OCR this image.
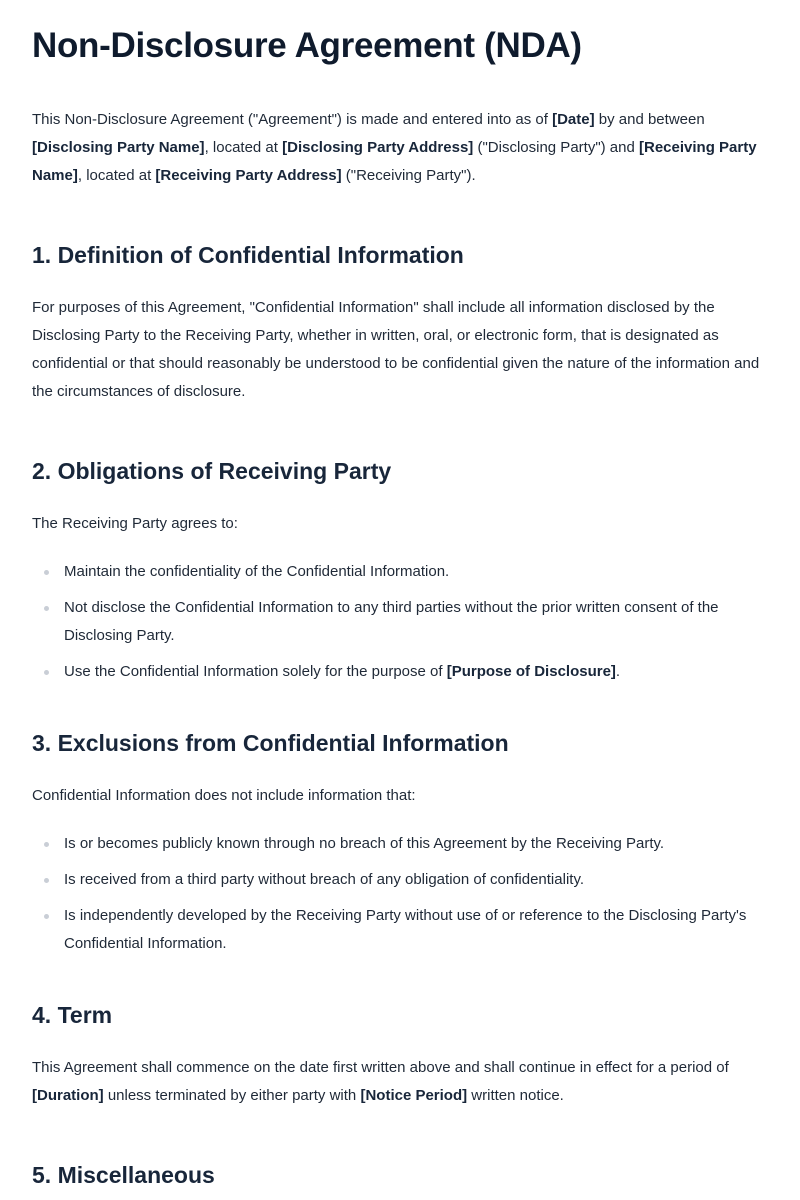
Non-Disclosure Agreement (NDA)

This Non-Disclosure Agreement ("Agreement") is made and entered into as of [Date] by and between [Disclosing Party Name], located at [Disclosing Party Address] ("Disclosing Party") and [Receiving Party Name], located at [Receiving Party Address] ("Receiving Party").

1. Definition of Confidential Information

For purposes of this Agreement, "Confidential Information" shall include all information disclosed by the Disclosing Party to the Receiving Party, whether in written, oral, or electronic form, that is designated as confidential or that should reasonably be understood to be confidential given the nature of the information and the circumstances of disclosure.

2. Obligations of Receiving Party

The Receiving Party agrees to:

Maintain the confidentiality of the Confidential Information.
Not disclose the Confidential Information to any third parties without the prior written consent of the Disclosing Party.
Use the Confidential Information solely for the purpose of [Purpose of Disclosure].
3. Exclusions from Confidential Information

Confidential Information does not include information that:

Is or becomes publicly known through no breach of this Agreement by the Receiving Party.
Is received from a third party without breach of any obligation of confidentiality.
Is independently developed by the Receiving Party without use of or reference to the Disclosing Party's Confidential Information.
4. Term

This Agreement shall commence on the date first written above and shall continue in effect for a period of [Duration] unless terminated by either party with [Notice Period] written notice.

5. Miscellaneous
